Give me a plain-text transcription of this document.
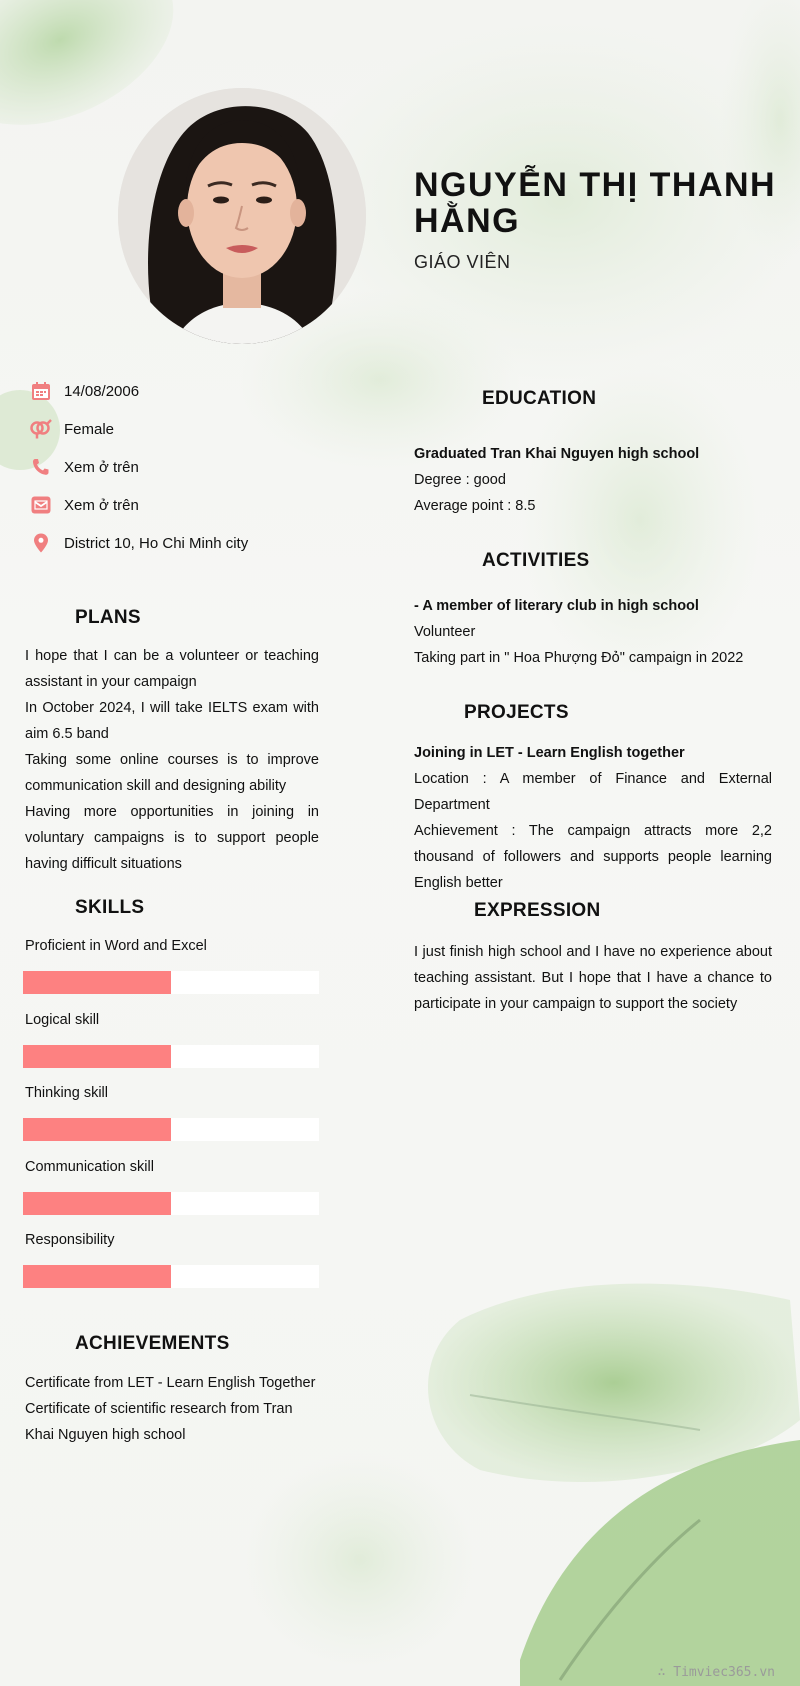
NGUYỄN THỊ THANH HẰNG
GIÁO VIÊN
14/08/2006
Female
Xem ở trên
Xem ở trên
District 10, Ho Chi Minh city
PLANS

I hope that I can be a volunteer or teaching assistant in your campaign

In October 2024, I will take IELTS exam with aim 6.5 band

Taking some online courses is to improve communication skill and designing ability

Having more opportunities in joining in voluntary campaigns is to support people having difficult situations

SKILLS
Proficient in Word and Excel
Logical skill
Thinking skill
Communication skill
Responsibility
ACHIEVEMENTS

Certificate from LET - Learn English Together

Certificate of scientific research from Tran Khai Nguyen high school

EDUCATION

Graduated Tran Khai Nguyen high school

Degree : good

Average point : 8.5

ACTIVITIES

- A member of literary club in high school

Volunteer

Taking part in " Hoa Phượng Đỏ" campaign in 2022

PROJECTS

Joining in LET - Learn English together

Location : A member of Finance and External Department

Achievement : The campaign attracts more 2,2 thousand of followers and supports people learning English better

EXPRESSION

I just finish high school and I have no experience about teaching assistant. But I hope that I have a chance to participate in your campaign to support the society

∴ Timviec365.vn
